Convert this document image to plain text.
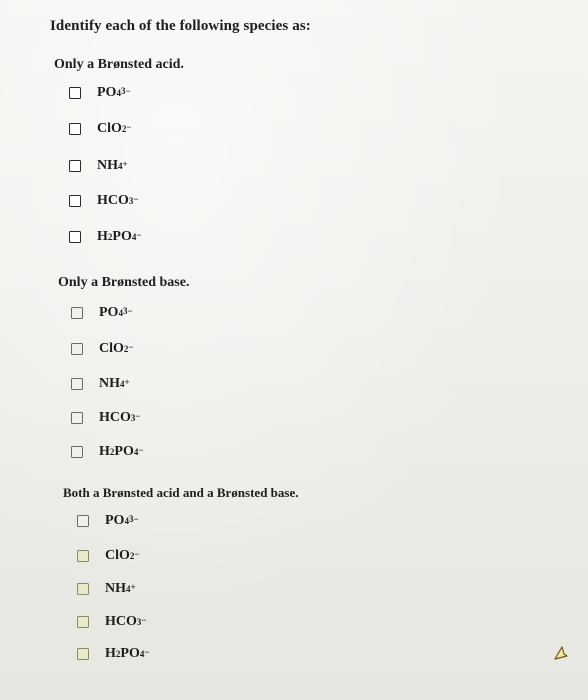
Identify each of the following species as:
Only a Brønsted acid.
PO $4^{3-}$
ClO 2−
NH 4+
HCO 3−
H 2 PO 4−
Only a Brønsted base.
PO $4^{3-}$
ClO 2−
NH 4+
HCO 3−
H 2 PO 4−
Both a Brønsted acid and a Brønsted base.
PO $4^{3-}$
ClO 2−
NH 4+
HCO 3−
H 2 PO 4−
